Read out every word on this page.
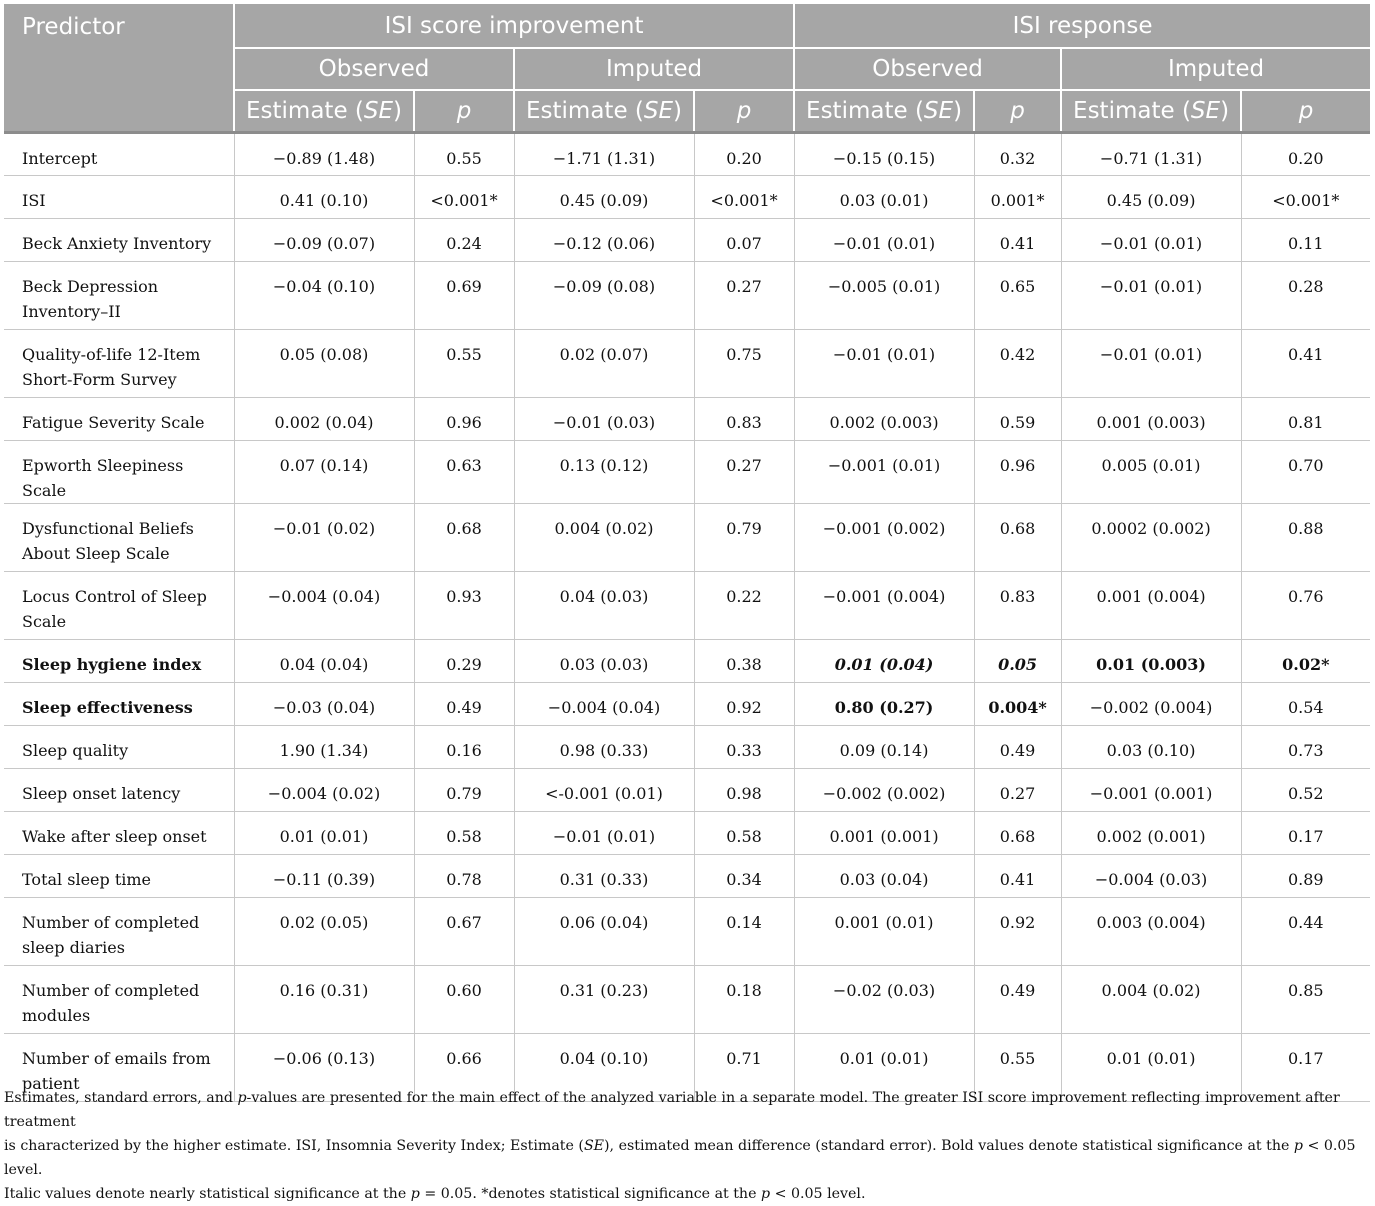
Predictor	ISI score improvement				ISI response			
	Observed		Imputed		Observed		Imputed	
	Estimate (SE)	p	Estimate (SE)	p	Estimate (SE)	p	Estimate (SE)	p
Intercept	−0.89 (1.48)	0.55	−1.71 (1.31)	0.20	−0.15 (0.15)	0.32	−0.71 (1.31)	0.20
ISI	0.41 (0.10)	<0.001*	0.45 (0.09)	<0.001*	0.03 (0.01)	0.001*	0.45 (0.09)	<0.001*
Beck Anxiety Inventory	−0.09 (0.07)	0.24	−0.12 (0.06)	0.07	−0.01 (0.01)	0.41	−0.01 (0.01)	0.11
Beck Depression Inventory–II	−0.04 (0.10)	0.69	−0.09 (0.08)	0.27	−0.005 (0.01)	0.65	−0.01 (0.01)	0.28
Quality-of-life 12-Item Short-Form Survey	0.05 (0.08)	0.55	0.02 (0.07)	0.75	−0.01 (0.01)	0.42	−0.01 (0.01)	0.41
Fatigue Severity Scale	0.002 (0.04)	0.96	−0.01 (0.03)	0.83	0.002 (0.003)	0.59	0.001 (0.003)	0.81
Epworth Sleepiness Scale	0.07 (0.14)	0.63	0.13 (0.12)	0.27	−0.001 (0.01)	0.96	0.005 (0.01)	0.70
Dysfunctional Beliefs About Sleep Scale	−0.01 (0.02)	0.68	0.004 (0.02)	0.79	−0.001 (0.002)	0.68	0.0002 (0.002)	0.88
Locus Control of Sleep Scale	−0.004 (0.04)	0.93	0.04 (0.03)	0.22	−0.001 (0.004)	0.83	0.001 (0.004)	0.76
Sleep hygiene index	0.04 (0.04)	0.29	0.03 (0.03)	0.38	0.01 (0.04)	0.05	0.01 (0.003)	0.02*
Sleep effectiveness	−0.03 (0.04)	0.49	−0.004 (0.04)	0.92	0.80 (0.27)	0.004*	−0.002 (0.004)	0.54
Sleep quality	1.90 (1.34)	0.16	0.98 (0.33)	0.33	0.09 (0.14)	0.49	0.03 (0.10)	0.73
Sleep onset latency	−0.004 (0.02)	0.79	<-0.001 (0.01)	0.98	−0.002 (0.002)	0.27	−0.001 (0.001)	0.52
Wake after sleep onset	0.01 (0.01)	0.58	−0.01 (0.01)	0.58	0.001 (0.001)	0.68	0.002 (0.001)	0.17
Total sleep time	−0.11 (0.39)	0.78	0.31 (0.33)	0.34	0.03 (0.04)	0.41	−0.004 (0.03)	0.89
Number of completed sleep diaries	0.02 (0.05)	0.67	0.06 (0.04)	0.14	0.001 (0.01)	0.92	0.003 (0.004)	0.44
Number of completed modules	0.16 (0.31)	0.60	0.31 (0.23)	0.18	−0.02 (0.03)	0.49	0.004 (0.02)	0.85
Number of emails from patient	−0.06 (0.13)	0.66	0.04 (0.10)	0.71	0.01 (0.01)	0.55	0.01 (0.01)	0.17

Estimates, standard errors, and p-values are presented for the main effect of the analyzed variable in a separate model. The greater ISI score improvement reflecting improvement after treatment

is characterized by the higher estimate. ISI, Insomnia Severity Index; Estimate (SE), estimated mean difference (standard error). Bold values denote statistical significance at the p < 0.05 level.

Italic values denote nearly statistical significance at the p = 0.05. *denotes statistical significance at the p < 0.05 level.
